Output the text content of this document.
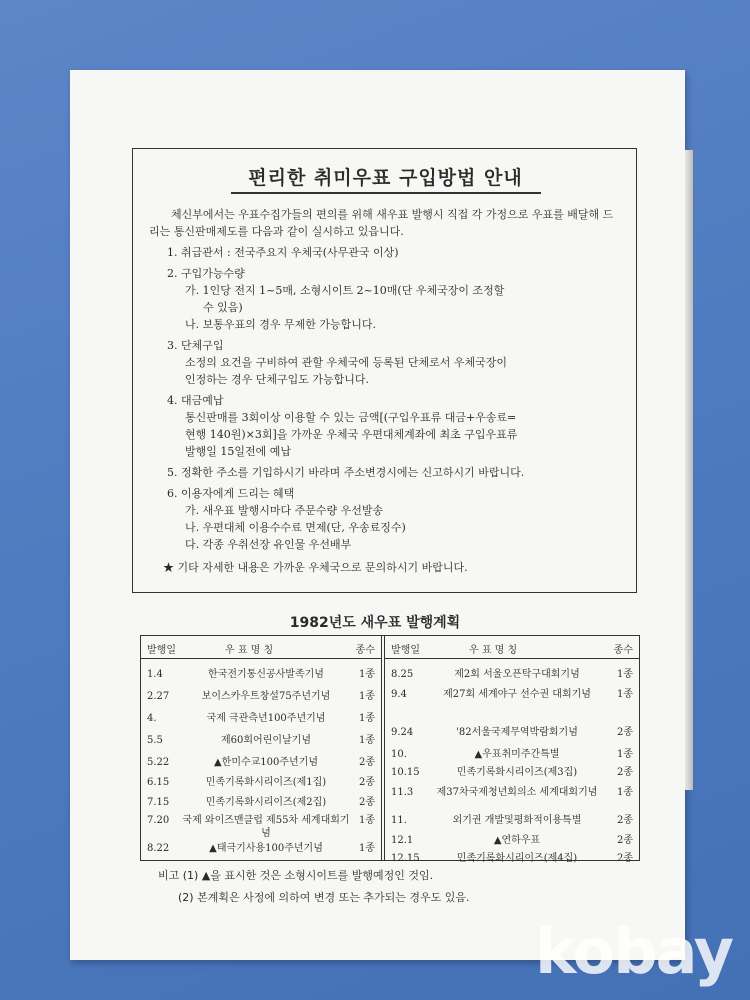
편리한 취미우표 구입방법 안내
체신부에서는 우표수집가들의 편의를 위해 새우표 발행시 직접 각 가정으로 우표를 배달해 드리는 통신판매제도를 다음과 같이 실시하고 있읍니다.
1. 취급관서 : 전국주요지 우체국(사무관국 이상)
2. 구입가능수량
가. 1인당 전지 1~5매, 소형시이트 2~10매(단 우체국장이 조정할
수 있음)
나. 보통우표의 경우 무제한 가능합니다.
3. 단체구입
소정의 요건을 구비하여 관할 우체국에 등록된 단체로서 우체국장이
인정하는 경우 단체구입도 가능합니다.
4. 대금예납
통신판매를 3회이상 이용할 수 있는 금액[(구입우표류 대금+우송료=
현행 140원)×3회]을 가까운 우체국 우편대체계좌에 최초 구입우표류
발행일 15일전에 예납
5. 정확한 주소를 기입하시기 바라며 주소변경시에는 신고하시기 바랍니다.
6. 이용자에게 드리는 혜택
가. 새우표 발행시마다 주문수량 우선발송
나. 우편대체 이용수수료 면제(단, 우송료징수)
다. 각종 우취선장 유인물 우선배부
★ 기타 자세한 내용은 가까운 우체국으로 문의하시기 바랍니다.
1982년도 새우표 발행계획
발행일	우 표 명 칭	종수
1.4	한국전기통신공사발족기념	1종
2.27	보이스카우트창설75주년기념	1종
4.	국제 극관측년100주년기념	1종
5.5	제60회어린이날기념	1종
5.22	▲한미수교100주년기념	2종
6.15	민족기록화시리이즈(제1집)	2종
7.15	민족기록화시리이즈(제2집)	2종
7.20 국제 와이즈맨클럽 제55차 세계대회기념
1종
8.22	▲태극기사용100주년기념	1종
발행일	우 표 명 칭	종수
8.25	제2회 서울오픈탁구대회기념	1종
9.4	제27회 세계야구 선수권 대회기념	1종
9.24	'82서울국제무역박람회기념	2종
10.	▲우표취미주간특별	1종
10.15	민족기록화시리이즈(제3집)	2종
11.3	제37차국제청년회의소 세계대회기념	1종
11.	외기권 개발및평화적이용특별	2종
12.1	▲연하우표	2종
12.15	민족기록화시리이즈(제4집)	2종
비고 (1) ▲을 표시한 것은 소형시이트를 발행예정인 것임.
(2) 본계획은 사정에 의하여 변경 또는 추가되는 경우도 있음.
kobay
